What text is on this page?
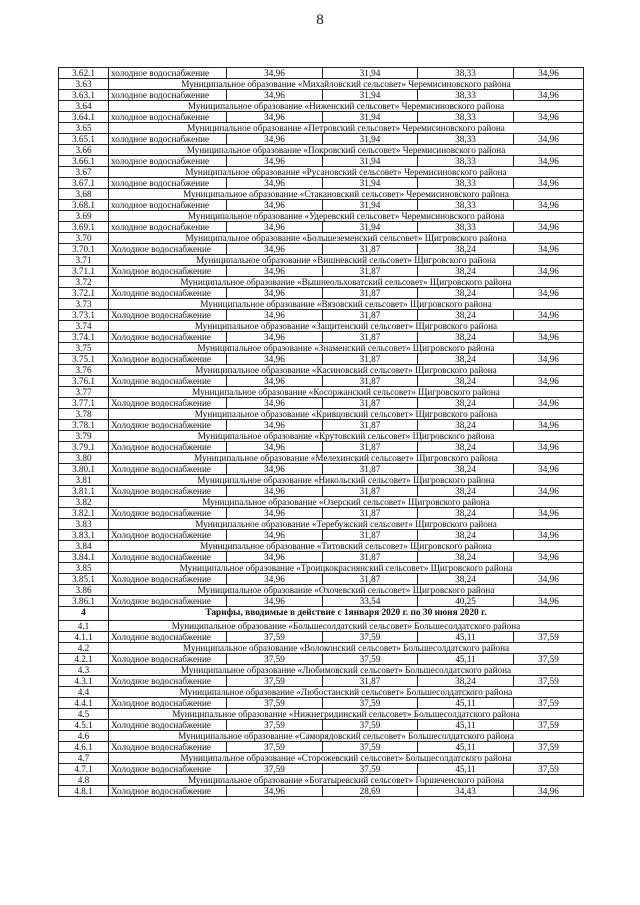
8
3.62.1	холодное водоснабжение	34,96	31,94	38,33	34,96
3.63	Муниципальное образование «Михайловский сельсовет» Черемисиновского района				
3.63.1	холодное водоснабжение	34,96	31,94	38,33	34,96
3.64	Муниципальное образование «Ниженский сельсовет» Черемисиновского района				
3.64.1	холодное водоснабжение	34,96	31,94	38,33	34,96
3.65	Муниципальное образование «Петровский сельсовет» Черемисиновского района				
3.65.1	холодное водоснабжение	34,96	31,94	38,33	34,96
3.66	Муниципальное образование «Покровский сельсовет» Черемисиновского района				
3.66.1	холодное водоснабжение	34,96	31,94	38,33	34,96
3.67	Муниципальное образование «Русановский сельсовет» Черемисиновского района				
3.67.1	холодное водоснабжение	34,96	31,94	38,33	34,96
3.68	Муниципальное образование «Стакановский сельсовет» Черемисиновского района				
3.68.1	холодное водоснабжение	34,96	31,94	38,33	34,96
3.69	Муниципальное образование «Удеревский сельсовет» Черемисиновского района				
3.69.1	холодное водоснабжение	34,96	31,94	38,33	34,96
3.70	Муниципальное образование «Большеземенский сельсовет» Щигровского района				
3.70.1	Холодное водоснабжение	34,96	31,87	38,24	34,96
3.71	Муниципальное образование «Вишневский сельсовет» Щигровского района				
3.71.1	Холодное водоснабжение	34,96	31,87	38,24	34,96
3.72	Муниципальное образование «Вышнеольховатский сельсовет» Щигровского района				
3.72.1	Холодное водоснабжение	34,96	31,87	38,24	34,96
3.73	Муниципальное образование «Вязовский сельсовет» Щигровского района				
3.73.1	Холодное водоснабжение	34,96	31,87	38,24	34,96
3.74	Муниципальное образование «Защитенский сельсовет» Щигровского района				
3.74.1	Холодное водоснабжение	34,96	31,87	38,24	34,96
3.75	Муниципальное образование «Знаменский сельсовет» Щигровского района				
3.75.1	Холодное водоснабжение	34,96	31,87	38,24	34,96
3.76	Муниципальное образование «Касиновский сельсовет» Щигровского района				
3.76.1	Холодное водоснабжение	34,96	31,87	38,24	34,96
3.77	Муниципальное образование «Косоржанский сельсовет» Щигровского района				
3.77.1	Холодное водоснабжение	34,96	31,87	38,24	34,96
3.78	Муниципальное образование «Кривцовский сельсовет» Щигровского района				
3.78.1	Холодное водоснабжение	34,96	31,87	38,24	34,96
3.79	Муниципальное образование «Крутовский сельсовет» Щигровского района				
3.79.1	Холодное водоснабжение	34,96	31,87	38,24	34,96
3.80	Муниципальное образование «Мелехинский сельсовет» Щигровского района				
3.80.1	Холодное водоснабжение	34,96	31,87	38,24	34,96
3.81	Муниципальное образование «Никольский сельсовет» Щигровского района				
3.81.1	Холодное водоснабжение	34,96	31,87	38,24	34,96
3.82	Муниципальное образование «Озерский сельсовет» Щигровского района				
3.82.1	Холодное водоснабжение	34,96	31,87	38,24	34,96
3.83	Муниципальное образование «Теребужский сельсовет» Щигровского района				
3.83.1	Холодное водоснабжение	34,96	31,87	38,24	34,96
3.84	Муниципальное образование «Титовский сельсовет» Щигровского района				
3.84.1	Холодное водоснабжение	34,96	31,87	38,24	34,96
3.85	Муниципальное образование «Троицкокраснянский сельсовет» Щигровского района				
3.85.1	Холодное водоснабжение	34,96	31,87	38,24	34,96
3.86	Муниципальное образование «Охочевский сельсовет» Щигровского района				
3.86.1	Холодное водоснабжение	34,96	33,54	40,25	34,96
4	Тарифы, вводимые в действие с 1января 2020 г. по 30 июня 2020 г.				
4.1	Муниципальное образование «Большесолдатский сельсовет» Большесолдатского района				
4.1.1	Холодное водоснабжение	37,59	37,59	45,11	37,59
4.2	Муниципальное образование «Волоконский сельсовет» Большесолдатского района				
4.2.1	Холодное водоснабжение	37,59	37,59	45,11	37,59
4.3	Муниципальное образование «Любимовский сельсовет» Большесолдатского района				
4.3.1	Холодное водоснабжение	37,59	31,87	38,24	37,59
4.4	Муниципальное образование «Любостанский сельсовет» Большесолдатского района				
4.4.1	Холодное водоснабжение	37,59	37,59	45,11	37,59
4.5	Муниципальное образование «Нижнегридинский сельсовет» Большесолдатского района				
4.5.1	Холодное водоснабжение	37,59	37,59	45,11	37,59
4.6	Муниципальное образование «Саморядовский сельсовет» Большесолдатского района				
4.6.1	Холодное водоснабжение	37,59	37,59	45,11	37,59
4.7	Муниципальное образование «Сторожевский сельсовет» Большесолдатского района				
4.7.1	Холодное водоснабжение	37,59	37,59	45,11	37,59
4.8	Муниципальное образование «Богатыревский сельсовет» Горшеченского района				
4.8.1	Холодное водоснабжение	34,96	28,69	34,43	34,96
